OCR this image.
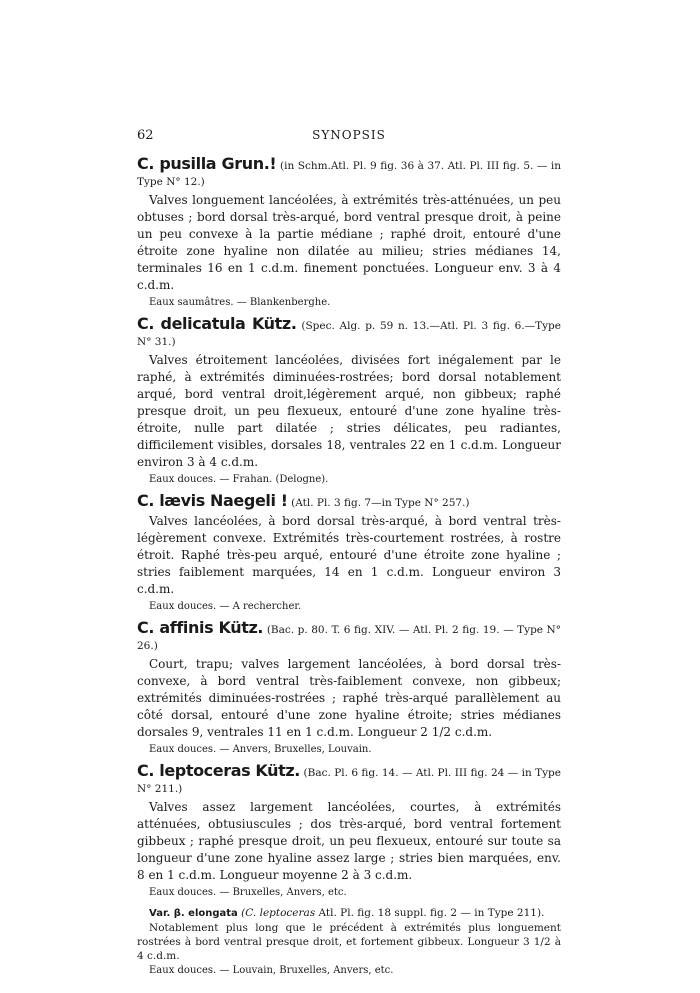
62	SYNOPSIS

C. pusilla Grun.! (in Schm.Atl. Pl. 9 fig. 36 à 37. Atl. Pl. III fig. 5. — in Type N° 12.)

Valves longuement lancéolées, à extrémités très-atténuées, un peu obtuses ; bord dorsal très-arqué, bord ventral presque droit, à peine un peu convexe à la partie médiane ; raphé droit, entouré d'une étroite zone hyaline non dilatée au milieu; stries médianes 14, terminales 16 en 1 c.d.m. finement ponctuées. Longueur env. 3 à 4 c.d.m.

Eaux saumâtres. — Blankenberghe.

C. delicatula Kütz. (Spec. Alg. p. 59 n. 13.—Atl. Pl. 3 fig. 6.—Type N° 31.)

Valves étroitement lancéolées, divisées fort inégalement par le raphé, à extrémités diminuées-rostrées; bord dorsal notablement arqué, bord ventral droit,légèrement arqué, non gibbeux; raphé presque droit, un peu flexueux, entouré d'une zone hyaline très-étroite, nulle part dilatée ; stries délicates, peu radiantes, difficilement visibles, dorsales 18, ventrales 22 en 1 c.d.m. Longueur environ 3 à 4 c.d.m.

Eaux douces. — Frahan. (Delogne).

C. lævis Naegeli ! (Atl. Pl. 3 fig. 7—in Type N° 257.)

Valves lancéolées, à bord dorsal très-arqué, à bord ventral très-légèrement convexe. Extrémités très-courtement rostrées, à rostre étroit. Raphé très-peu arqué, entouré d'une étroite zone hyaline ; stries faiblement marquées, 14 en 1 c.d.m. Longueur environ 3 c.d.m.

Eaux douces. — A rechercher.

C. affinis Kütz. (Bac. p. 80. T. 6 fig. XIV. — Atl. Pl. 2 fig. 19. — Type N° 26.)

Court, trapu; valves largement lancéolées, à bord dorsal très-convexe, à bord ventral très-faiblement convexe, non gibbeux; extrémités diminuées-rostrées ; raphé très-arqué parallèlement au côté dorsal, entouré d'une zone hyaline étroite; stries médianes dorsales 9, ventrales 11 en 1 c.d.m. Longueur 2 1/2 c.d.m.

Eaux douces. — Anvers, Bruxelles, Louvain.

C. leptoceras Kütz. (Bac. Pl. 6 fig. 14. — Atl. Pl. III fig. 24 — in Type N° 211.)

Valves assez largement lancéolées, courtes, à extrémités atténuées, obtusiuscules ; dos très-arqué, bord ventral fortement gibbeux ; raphé presque droit, un peu flexueux, entouré sur toute sa longueur d'une zone hyaline assez large ; stries bien marquées, env. 8 en 1 c.d.m. Longueur moyenne 2 à 3 c.d.m.

Eaux douces. — Bruxelles, Anvers, etc.

Var. β. elongata (C. leptoceras Atl. Pl. fig. 18 suppl. fig. 2 — in Type 211).

Notablement plus long que le précédent à extrémités plus longuement rostrées à bord ventral presque droit, et fortement gibbeux. Longueur 3 1/2 à 4 c.d.m.

Eaux douces. — Louvain, Bruxelles, Anvers, etc.
